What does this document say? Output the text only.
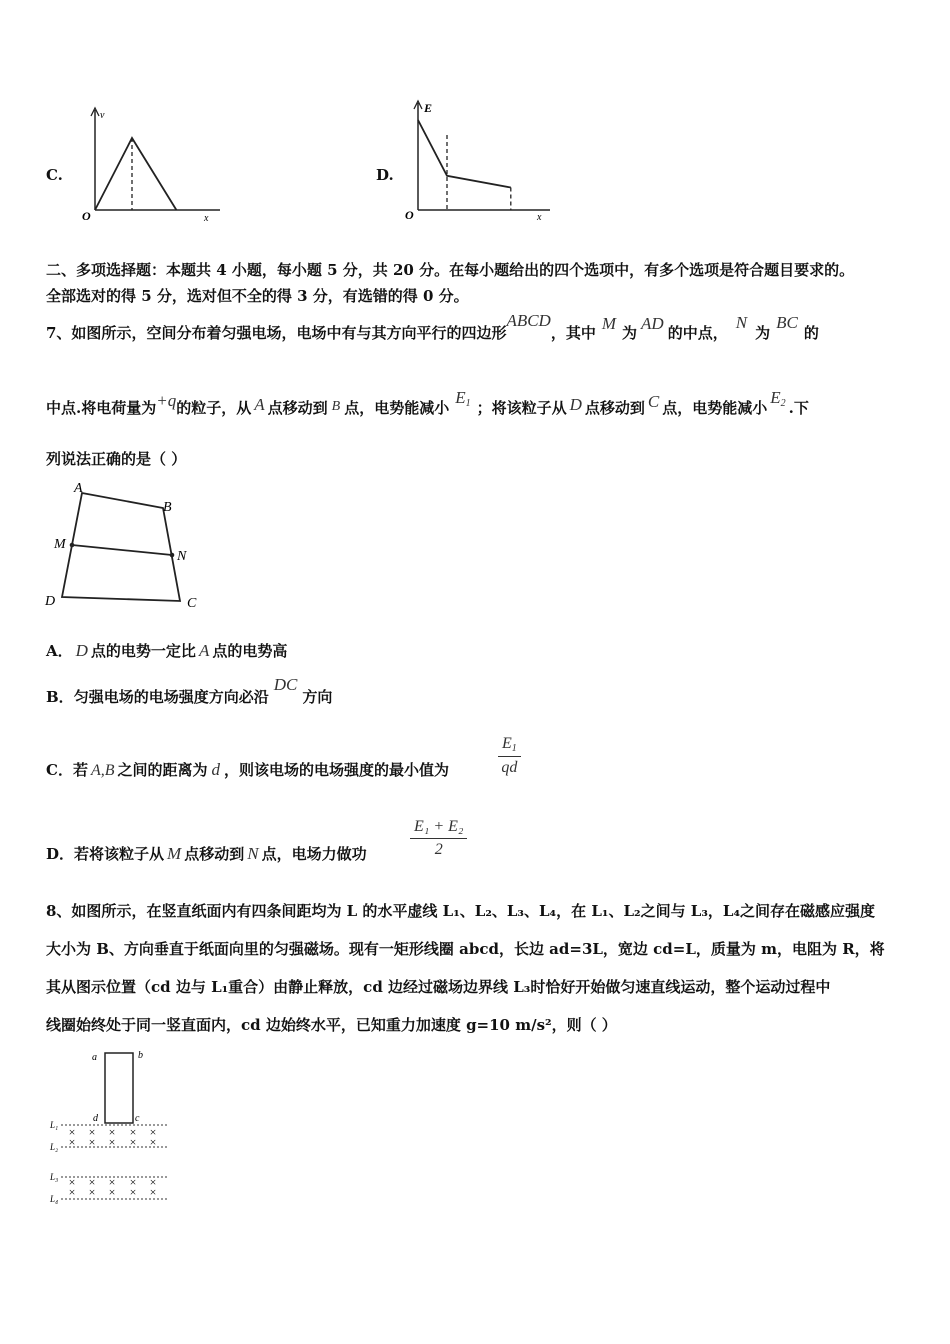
C.
v
O	x
D.
E
O	x
二、多项选择题：本题共 4 小题，每小题 5 分，共 20 分。在每小题给出的四个选项中，有多个选项是符合题目要求的。
全部选对的得 5 分，选对但不全的得 3 分，有选错的得 0 分。
7、如图所示，空间分布着匀强电场，电场中有与其方向平行的四边形ABCD，其中 M 为 AD 的中点，N为BC的
中点.将电荷量为+q的粒子，从 A 点移动到 B 点，电势能减小$E_1$ ；将该粒子从 D 点移动到 C 点，电势能减小$E_2$ .下
列说法正确的是（ ）
A
B
M
N
D	C
A． D 点的电势一定比 A 点的电势高
B．匀强电场的电场强度方向必沿DC方向
C．若 A,B 之间的距离为 d ，则该电场的电场强度的最小值为	$\frac{E_1}{qd}$
D．若将该粒子从 M 点移动到 N 点，电场力做功	$\frac{\text{E₁ + E₂}}{2}$
8、如图所示，在竖直纸面内有四条间距均为 L 的水平虚线 L₁、L₂、L₃、L₄，在 L₁、L₂之间与 L₃，L₄之间存在磁感应强度
大小为 B、方向垂直于纸面向里的匀强磁场。现有一矩形线圈 abcd，长边 ad=3L，宽边 cd=L，质量为 m，电阻为 R，将
其从图示位置（cd 边与 L₁重合）由静止释放，cd 边经过磁场边界线 L₃时恰好开始做匀速直线运动，整个运动过程中
线圈始终处于同一竖直面内，cd 边始终水平，已知重力加速度 g=10 m/s²，则（ ）
a	b
d	c
L₁
L₂
L₃
L₄
× × × × ×
× × × × ×
× × × × ×
× × × × ×
